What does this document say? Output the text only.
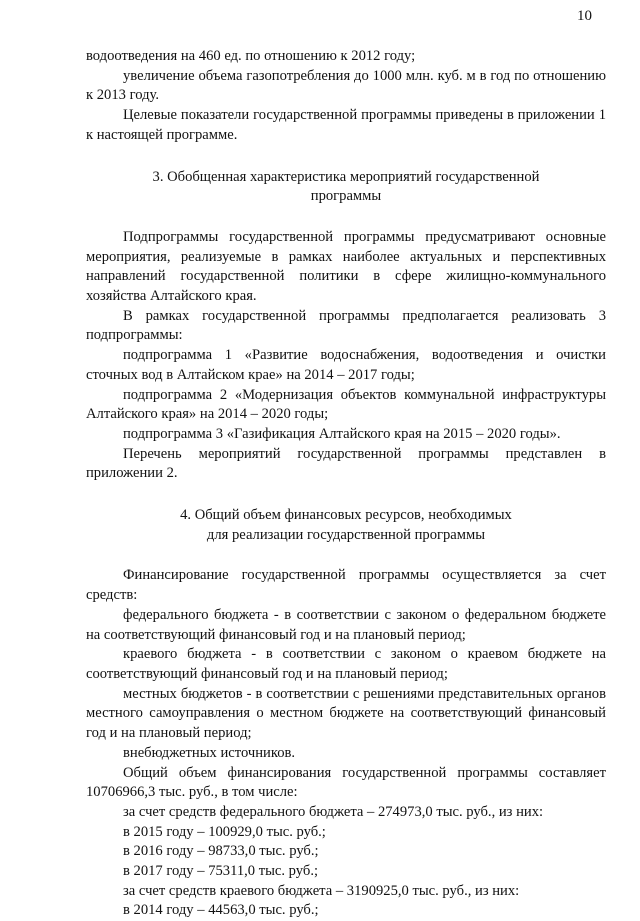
10

водоотведения на 460 ед. по отношению к 2012 году;

увеличение объема газопотребления до 1000 млн. куб. м в год по отношению к 2013 году.

Целевые показатели государственной программы приведены в приложении 1 к настоящей программе.

3. Обобщенная характеристика мероприятий государственной
программы

Подпрограммы государственной программы предусматривают основные мероприятия, реализуемые в рамках наиболее актуальных и перспективных направлений государственной политики в сфере жилищно-коммунального хозяйства Алтайского края.

В рамках государственной программы предполагается реализовать 3 подпрограммы:

подпрограмма 1 «Развитие водоснабжения, водоотведения и очистки сточных вод в Алтайском крае» на 2014 – 2017 годы;

подпрограмма 2 «Модернизация объектов коммунальной инфраструктуры Алтайского края» на 2014 – 2020 годы;

подпрограмма 3 «Газификация Алтайского края на 2015 – 2020 годы».

Перечень мероприятий государственной программы представлен в приложении 2.

4. Общий объем финансовых ресурсов, необходимых
для реализации государственной программы

Финансирование государственной программы осуществляется за счет средств:

федерального бюджета - в соответствии с законом о федеральном бюджете на соответствующий финансовый год и на плановый период;

краевого бюджета - в соответствии с законом о краевом бюджете на соответствующий финансовый год и на плановый период;

местных бюджетов - в соответствии с решениями представительных органов местного самоуправления о местном бюджете на соответствующий финансовый год и на плановый период;

внебюджетных источников.

Общий объем финансирования государственной программы составляет 10706966,3 тыс. руб., в том числе:

за счет средств федерального бюджета – 274973,0 тыс. руб., из них:

в 2015 году – 100929,0 тыс. руб.;

в 2016 году – 98733,0 тыс. руб.;

в 2017 году – 75311,0 тыс. руб.;

за счет средств краевого бюджета – 3190925,0 тыс. руб., из них:

в 2014 году – 44563,0 тыс. руб.;
